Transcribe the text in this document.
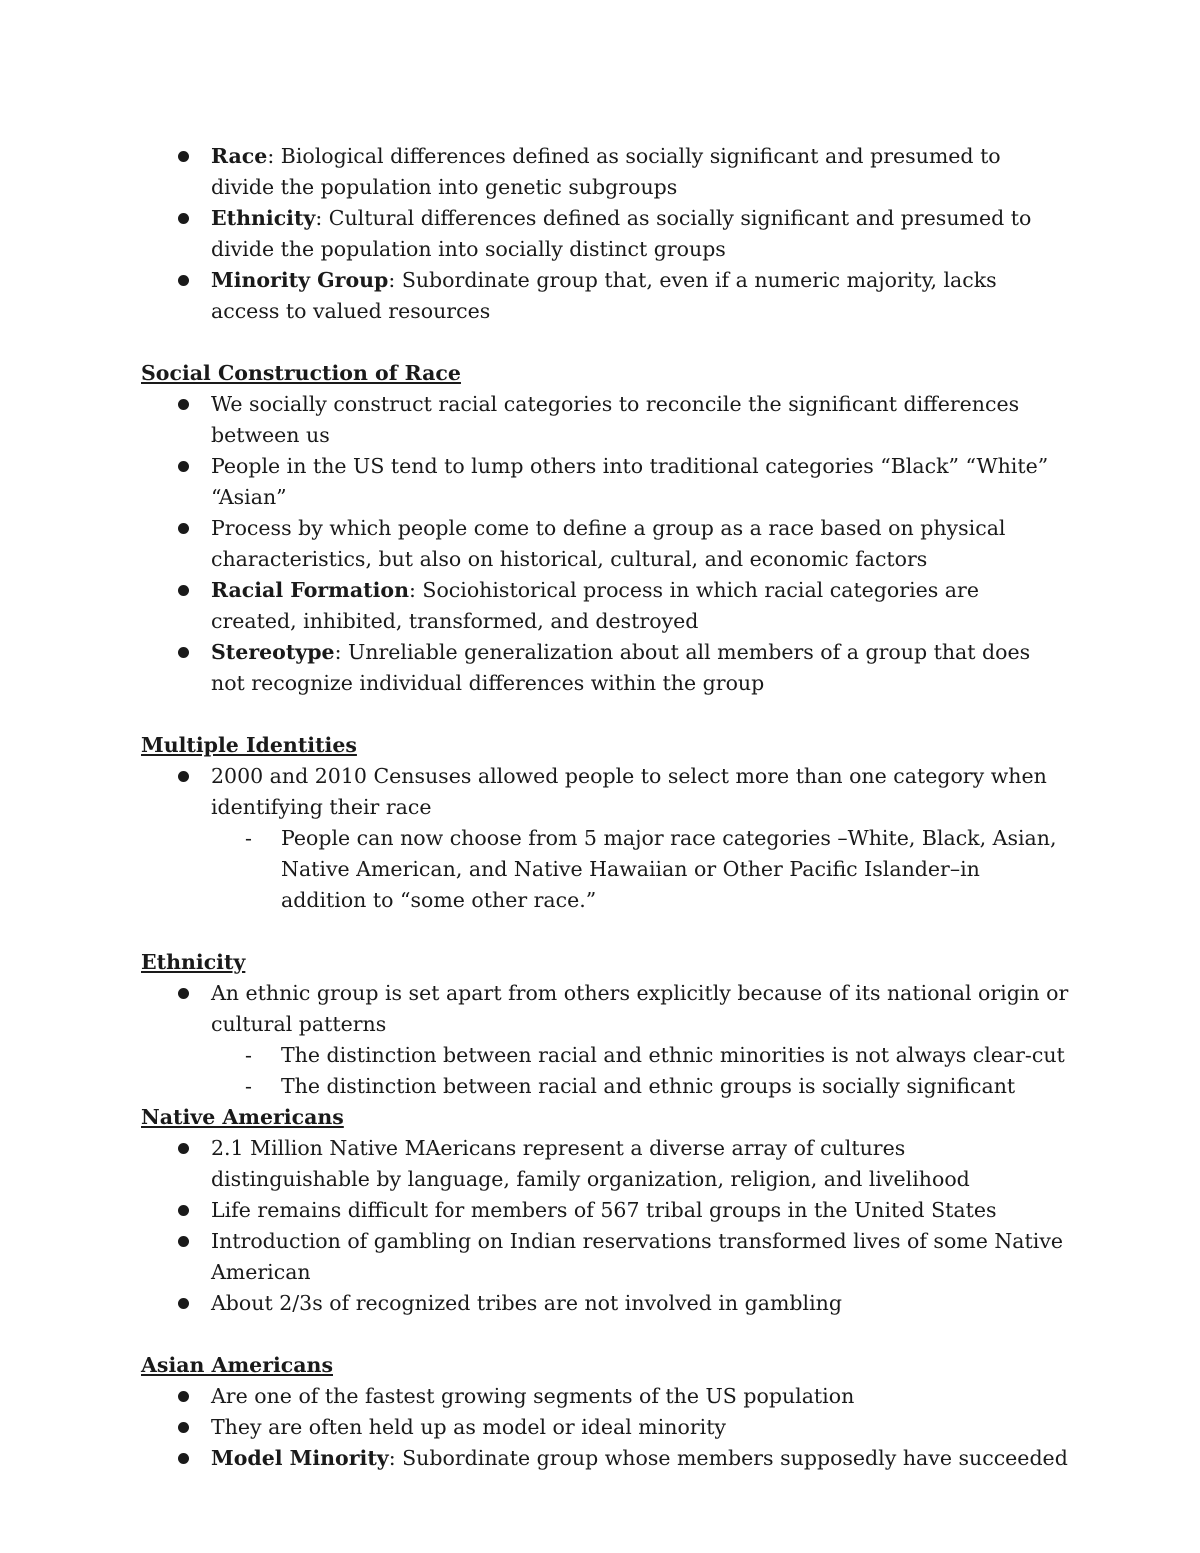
Race: Biological differences defined as socially significant and presumed to divide the population into genetic subgroups
Ethnicity: Cultural differences defined as socially significant and presumed to divide the population into socially distinct groups
Minority Group: Subordinate group that, even if a numeric majority, lacks access to valued resources

Social Construction of Race

We socially construct racial categories to reconcile the significant differences between us
People in the US tend to lump others into traditional categories “Black” “White” “Asian”
Process by which people come to define a group as a race based on physical characteristics, but also on historical, cultural, and economic factors
Racial Formation: Sociohistorical process in which racial categories are created, inhibited, transformed, and destroyed
Stereotype: Unreliable generalization about all members of a group that does not recognize individual differences within the group

Multiple Identities

2000 and 2010 Censuses allowed people to select more than one category when identifying their race
- People can now choose from 5 major race categories –White, Black, Asian, Native American, and Native Hawaiian or Other Pacific Islander–in addition to “some other race.”

Ethnicity

An ethnic group is set apart from others explicitly because of its national origin or cultural patterns
- The distinction between racial and ethnic minorities is not always clear-cut
- The distinction between racial and ethnic groups is socially significant

Native Americans

2.1 Million Native MAericans represent a diverse array of cultures distinguishable by language, family organization, religion, and livelihood
Life remains difficult for members of 567 tribal groups in the United States
Introduction of gambling on Indian reservations transformed lives of some Native American
About 2/3s of recognized tribes are not involved in gambling

Asian Americans

Are one of the fastest growing segments of the US population
They are often held up as model or ideal minority
Model Minority: Subordinate group whose members supposedly have succeeded
